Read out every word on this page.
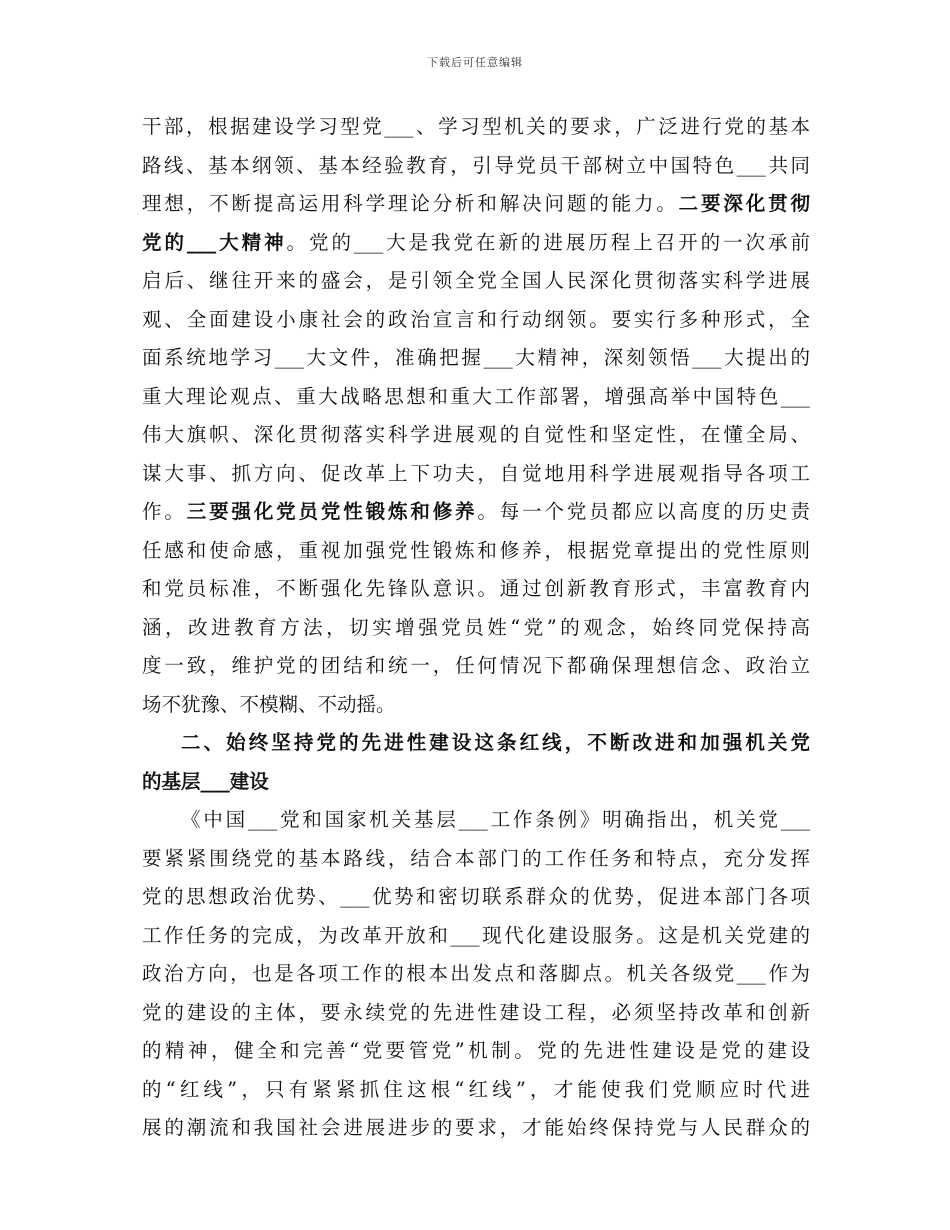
下载后可任意编辑
干部，根据建设学习型党___、学习型机关的要求，广泛进行党的基本
路线、基本纲领、基本经验教育，引导党员干部树立中国特色___共同
理想，不断提高运用科学理论分析和解决问题的能力。二要深化贯彻
党的___大精神。党的___大是我党在新的进展历程上召开的一次承前
启后、继往开来的盛会，是引领全党全国人民深化贯彻落实科学进展
观、全面建设小康社会的政治宣言和行动纲领。要实行多种形式，全
面系统地学习___大文件，准确把握___大精神，深刻领悟___大提出的
重大理论观点、重大战略思想和重大工作部署，增强高举中国特色___
伟大旗帜、深化贯彻落实科学进展观的自觉性和坚定性，在懂全局、
谋大事、抓方向、促改革上下功夫，自觉地用科学进展观指导各项工
作。三要强化党员党性锻炼和修养。每一个党员都应以高度的历史责
任感和使命感，重视加强党性锻炼和修养，根据党章提出的党性原则
和党员标准，不断强化先锋队意识。通过创新教育形式，丰富教育内
涵，改进教育方法，切实增强党员姓“党”的观念，始终同党保持高
度一致，维护党的团结和统一，任何情况下都确保理想信念、政治立
场不犹豫、不模糊、不动摇。
二、始终坚持党的先进性建设这条红线，不断改进和加强机关党
的基层___建设
《中国___党和国家机关基层___工作条例》明确指出，机关党___
要紧紧围绕党的基本路线，结合本部门的工作任务和特点，充分发挥
党的思想政治优势、___优势和密切联系群众的优势，促进本部门各项
工作任务的完成，为改革开放和___现代化建设服务。这是机关党建的
政治方向，也是各项工作的根本出发点和落脚点。机关各级党___作为
党的建设的主体，要永续党的先进性建设工程，必须坚持改革和创新
的精神，健全和完善“党要管党”机制。党的先进性建设是党的建设
的“红线”，只有紧紧抓住这根“红线”，才能使我们党顺应时代进
展的潮流和我国社会进展进步的要求，才能始终保持党与人民群众的
